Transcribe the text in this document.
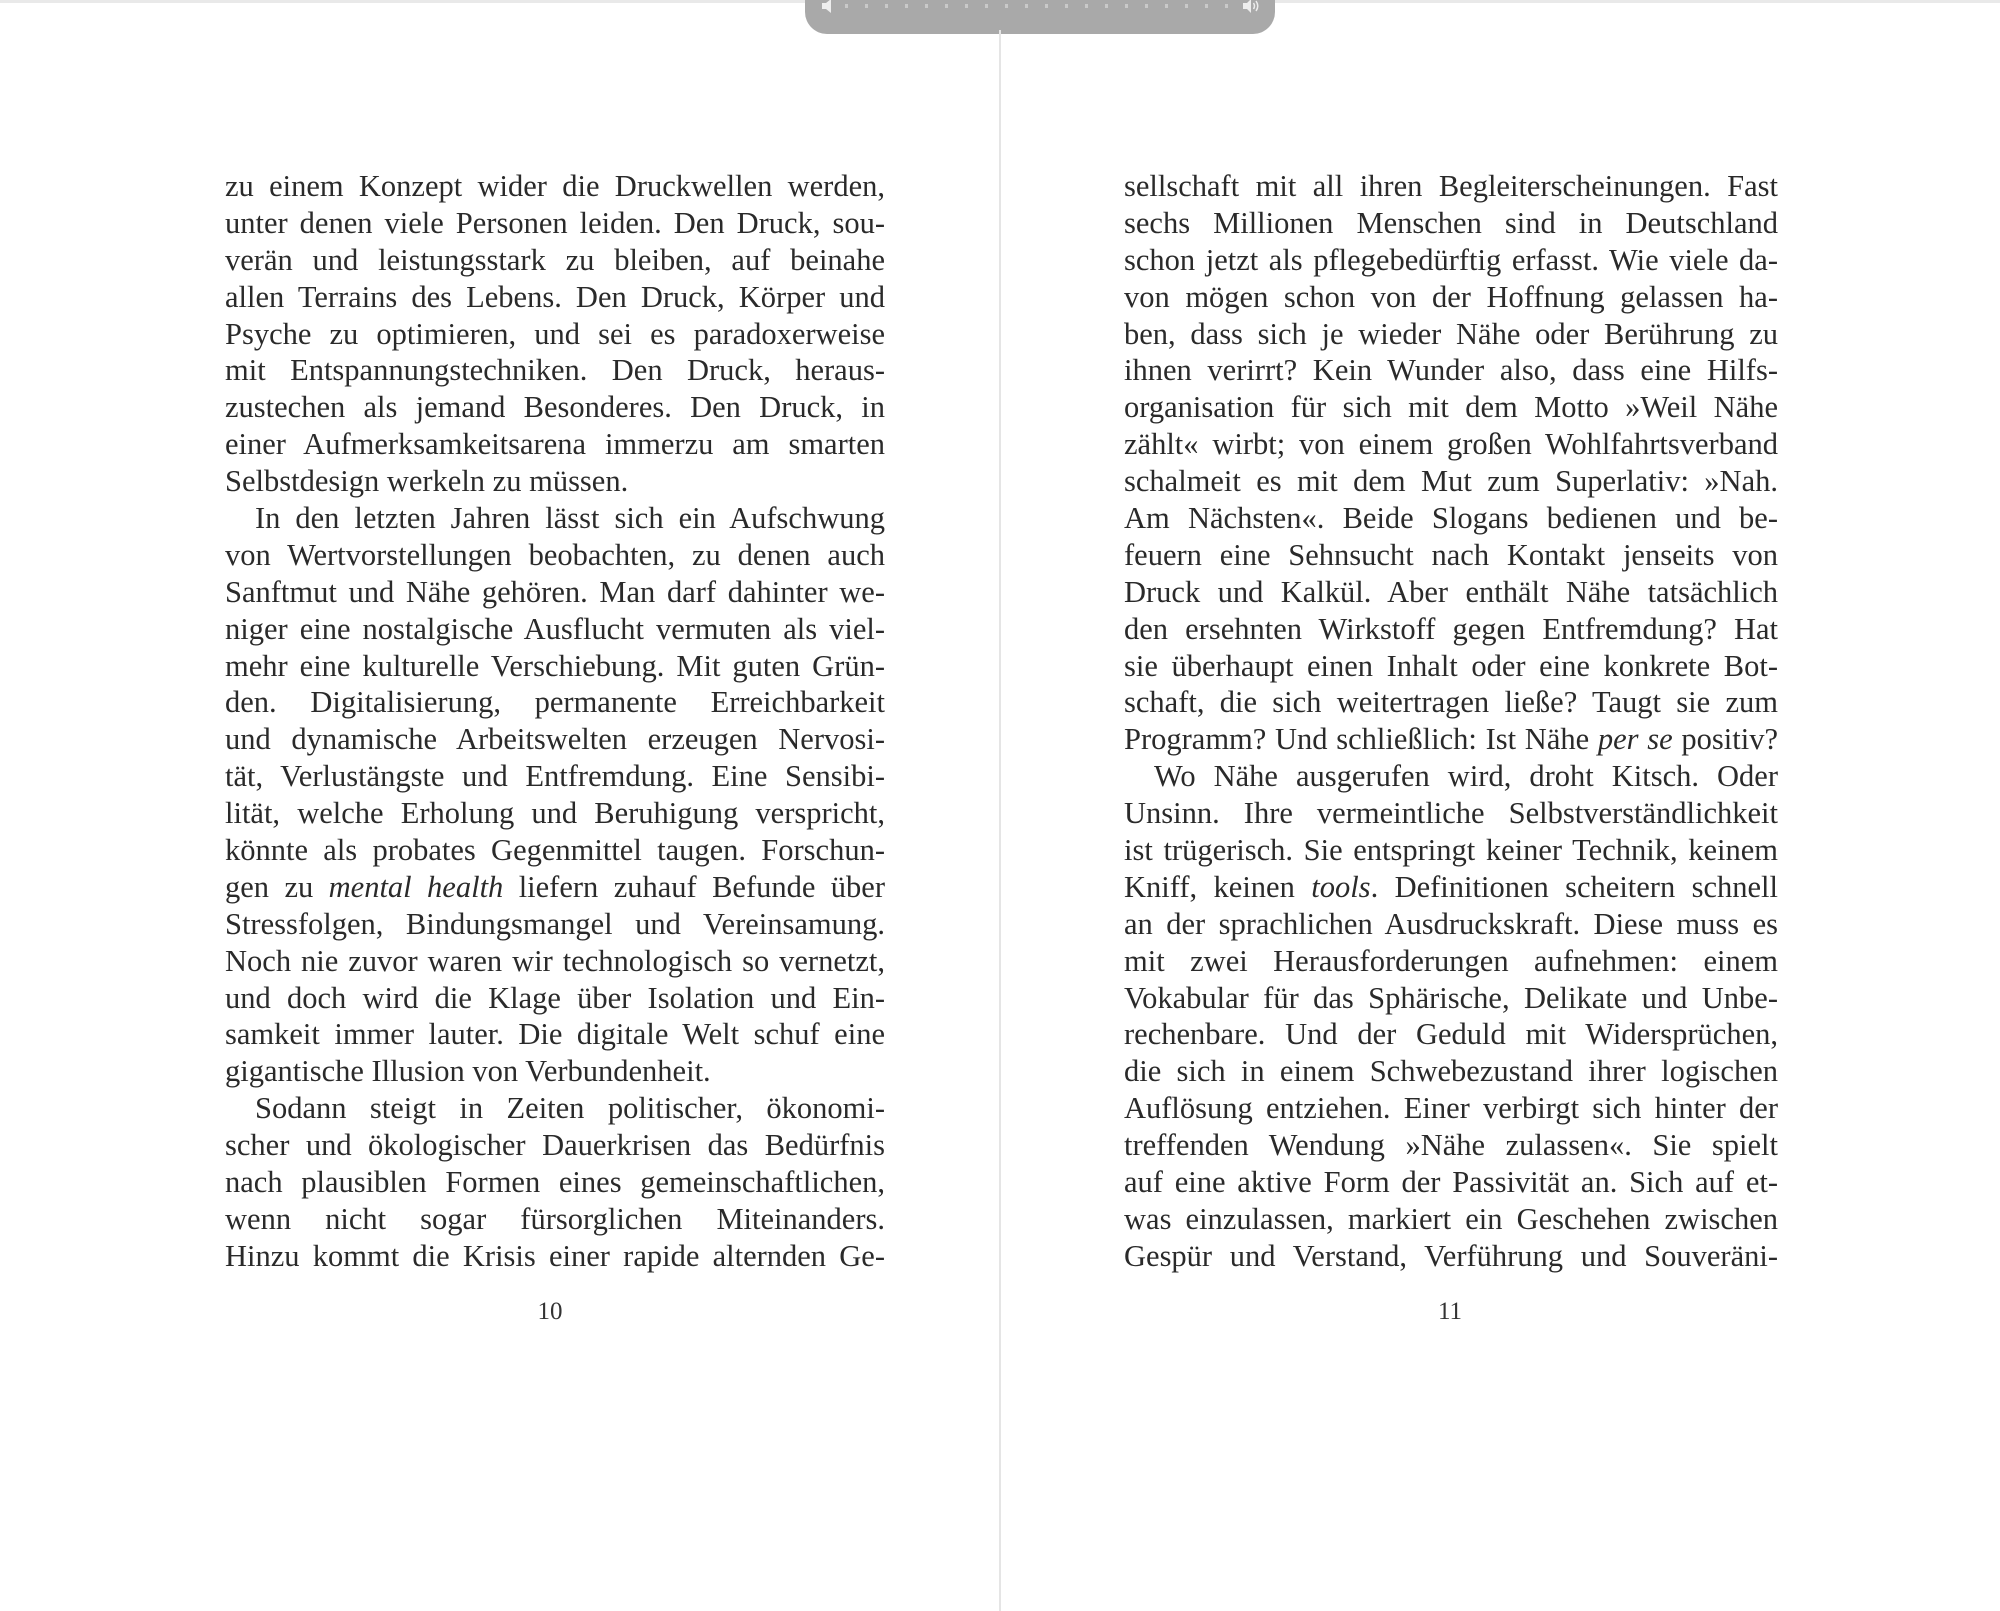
zu einem Konzept wider die Druckwellen werden,
unter denen viele Personen leiden. Den Druck, sou-
verän und leistungsstark zu bleiben, auf beinahe
allen Terrains des Lebens. Den Druck, Körper und
Psyche zu optimieren, und sei es paradoxerweise
mit Entspannungstechniken. Den Druck, heraus-
zustechen als jemand Besonderes. Den Druck, in
einer Aufmerksamkeitsarena immerzu am smarten
Selbstdesign werkeln zu müssen.
In den letzten Jahren lässt sich ein Aufschwung
von Wertvorstellungen beobachten, zu denen auch
Sanftmut und Nähe gehören. Man darf dahinter we-
niger eine nostalgische Ausflucht vermuten als viel-
mehr eine kulturelle Verschiebung. Mit guten Grün-
den. Digitalisierung, permanente Erreichbarkeit
und dynamische Arbeitswelten erzeugen Nervosi-
tät, Verlustängste und Entfremdung. Eine Sensibi-
lität, welche Erholung und Beruhigung verspricht,
könnte als probates Gegenmittel taugen. Forschun-
gen zu mental health liefern zuhauf Befunde über
Stressfolgen, Bindungsmangel und Vereinsamung.
Noch nie zuvor waren wir technologisch so vernetzt,
und doch wird die Klage über Isolation und Ein-
samkeit immer lauter. Die digitale Welt schuf eine
gigantische Illusion von Verbundenheit.
Sodann steigt in Zeiten politischer, ökonomi-
scher und ökologischer Dauerkrisen das Bedürfnis
nach plausiblen Formen eines gemeinschaftlichen,
wenn nicht sogar fürsorglichen Miteinanders.
Hinzu kommt die Krisis einer rapide alternden Ge-
sellschaft mit all ihren Begleiterscheinungen. Fast
sechs Millionen Menschen sind in Deutschland
schon jetzt als pflegebedürftig erfasst. Wie viele da-
von mögen schon von der Hoffnung gelassen ha-
ben, dass sich je wieder Nähe oder Berührung zu
ihnen verirrt? Kein Wunder also, dass eine Hilfs-
organisation für sich mit dem Motto »Weil Nähe
zählt« wirbt; von einem großen Wohlfahrtsverband
schalmeit es mit dem Mut zum Superlativ: »Nah.
Am Nächsten«. Beide Slogans bedienen und be-
feuern eine Sehnsucht nach Kontakt jenseits von
Druck und Kalkül. Aber enthält Nähe tatsächlich
den ersehnten Wirkstoff gegen Entfremdung? Hat
sie überhaupt einen Inhalt oder eine konkrete Bot-
schaft, die sich weitertragen ließe? Taugt sie zum
Programm? Und schließlich: Ist Nähe per se positiv?
Wo Nähe ausgerufen wird, droht Kitsch. Oder
Unsinn. Ihre vermeintliche Selbstverständlichkeit
ist trügerisch. Sie entspringt keiner Technik, keinem
Kniff, keinen tools. Definitionen scheitern schnell
an der sprachlichen Ausdruckskraft. Diese muss es
mit zwei Herausforderungen aufnehmen: einem
Vokabular für das Sphärische, Delikate und Unbe-
rechenbare. Und der Geduld mit Widersprüchen,
die sich in einem Schwebezustand ihrer logischen
Auflösung entziehen. Einer verbirgt sich hinter der
treffenden Wendung »Nähe zulassen«. Sie spielt
auf eine aktive Form der Passivität an. Sich auf et-
was einzulassen, markiert ein Geschehen zwischen
Gespür und Verstand, Verführung und Souveräni-
10	11
